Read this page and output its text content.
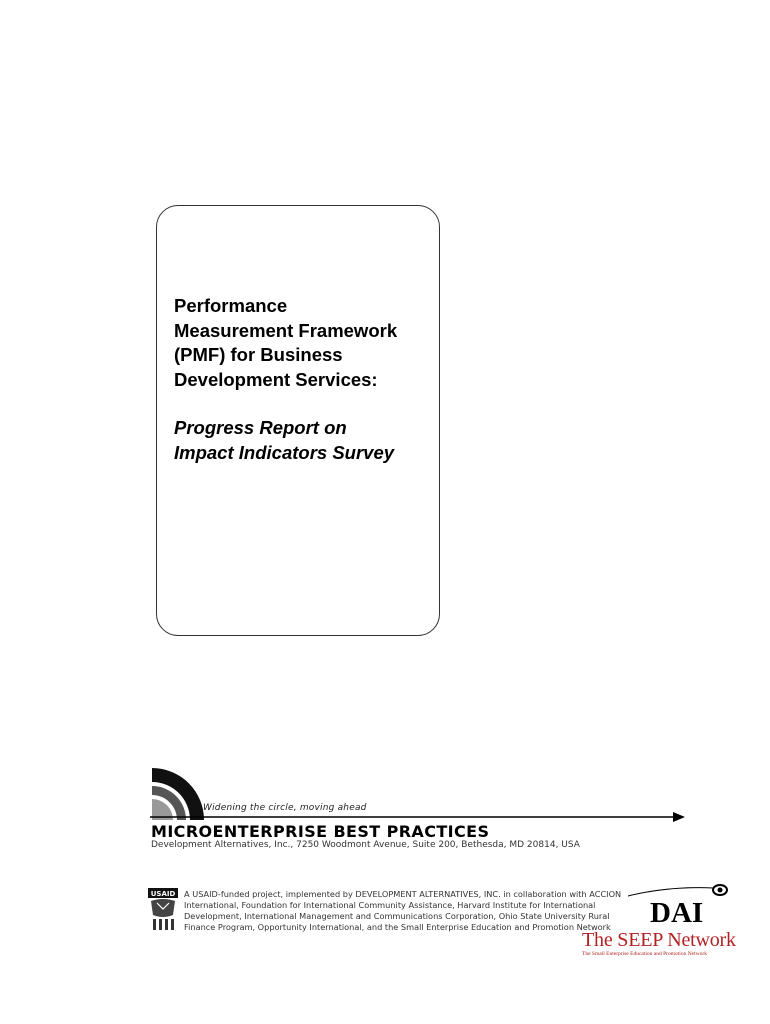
Performance
Measurement Framework
(PMF) for Business
Development Services:
Progress Report on
Impact Indicators Survey
Widening the circle, moving ahead
MICROENTERPRISE BEST PRACTICES
Development Alternatives, Inc., 7250 Woodmont Avenue, Suite 200, Bethesda, MD 20814, USA
USAID A USAID-funded project, implemented by DEVELOPMENT ALTERNATIVES, INC. in collaboration with ACCION International, Foundation for International Community Assistance, Harvard Institute for International Development, International Management and Communications Corporation, Ohio State University Rural Finance Program, Opportunity International, and the Small Enterprise Education and Promotion Network	DAI
The SEEP Network
The Small Enterprise Education and Promotion Network
